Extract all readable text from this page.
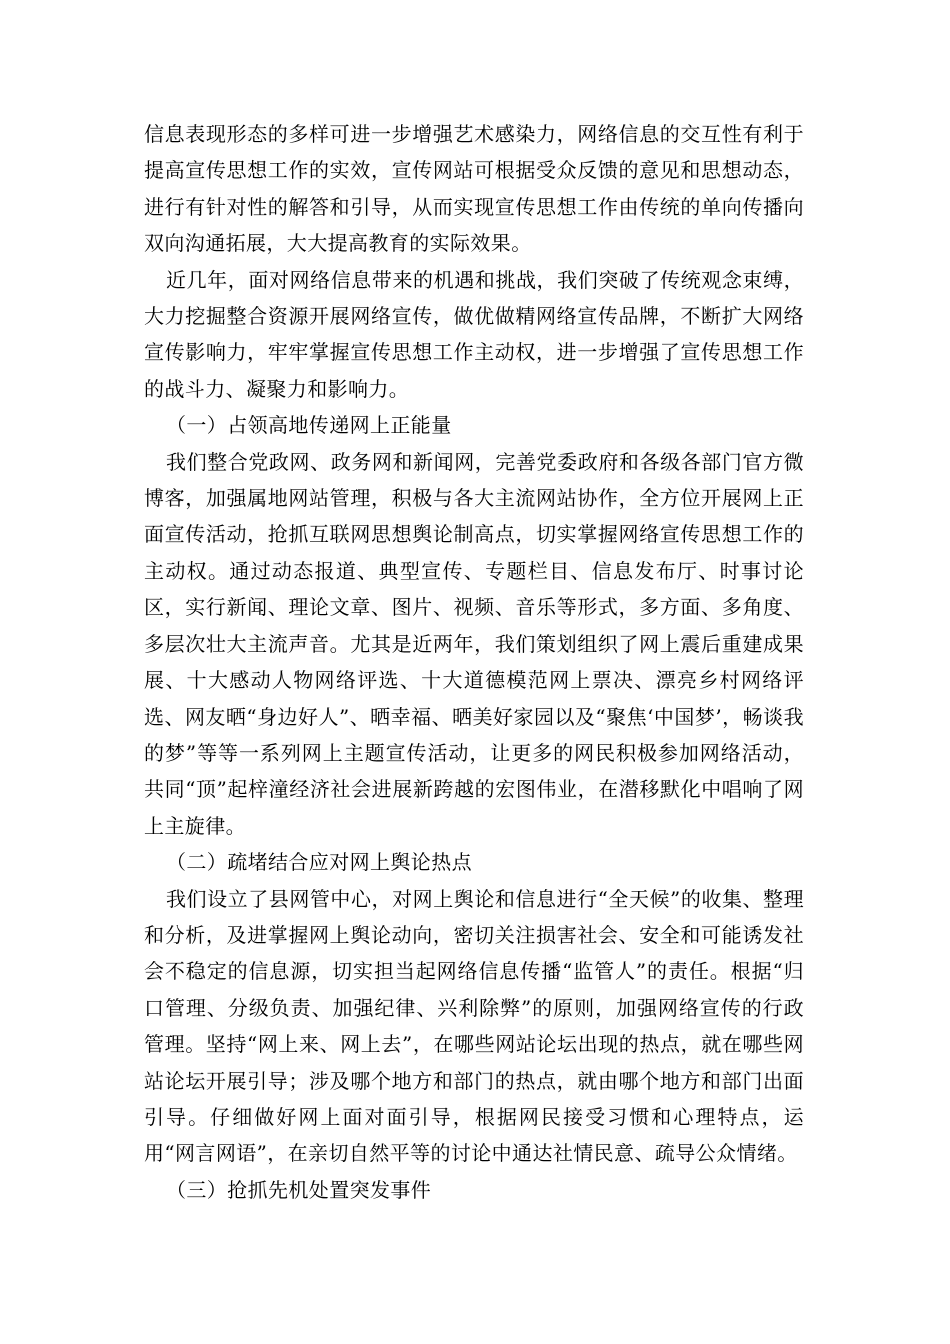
信息表现形态的多样可进一步增强艺术感染力，网络信息的交互性有利于提高宣传思想工作的实效，宣传网站可根据受众反馈的意见和思想动态，进行有针对性的解答和引导，从而实现宣传思想工作由传统的单向传播向双向沟通拓展，大大提高教育的实际效果。

近几年，面对网络信息带来的机遇和挑战，我们突破了传统观念束缚，大力挖掘整合资源开展网络宣传，做优做精网络宣传品牌，不断扩大网络宣传影响力，牢牢掌握宣传思想工作主动权，进一步增强了宣传思想工作的战斗力、凝聚力和影响力。

（一）占领高地传递网上正能量

我们整合党政网、政务网和新闻网，完善党委政府和各级各部门官方微博客，加强属地网站管理，积极与各大主流网站协作，全方位开展网上正面宣传活动，抢抓互联网思想舆论制高点，切实掌握网络宣传思想工作的主动权。通过动态报道、典型宣传、专题栏目、信息发布厅、时事讨论区，实行新闻、理论文章、图片、视频、音乐等形式，多方面、多角度、多层次壮大主流声音。尤其是近两年，我们策划组织了网上震后重建成果展、十大感动人物网络评选、十大道德模范网上票决、漂亮乡村网络评选、网友晒“身边好人”、晒幸福、晒美好家园以及“聚焦‘中国梦’，畅谈我的梦”等等一系列网上主题宣传活动，让更多的网民积极参加网络活动，共同“顶”起梓潼经济社会进展新跨越的宏图伟业，在潜移默化中唱响了网上主旋律。

（二）疏堵结合应对网上舆论热点

我们设立了县网管中心，对网上舆论和信息进行“全天候”的收集、整理和分析，及进掌握网上舆论动向，密切关注损害社会、安全和可能诱发社会不稳定的信息源，切实担当起网络信息传播“监管人”的责任。根据“归口管理、分级负责、加强纪律、兴利除弊”的原则，加强网络宣传的行政管理。坚持“网上来、网上去”，在哪些网站论坛出现的热点，就在哪些网站论坛开展引导；涉及哪个地方和部门的热点，就由哪个地方和部门出面引导。仔细做好网上面对面引导，根据网民接受习惯和心理特点，运用“网言网语”，在亲切自然平等的讨论中通达社情民意、疏导公众情绪。

（三）抢抓先机处置突发事件
